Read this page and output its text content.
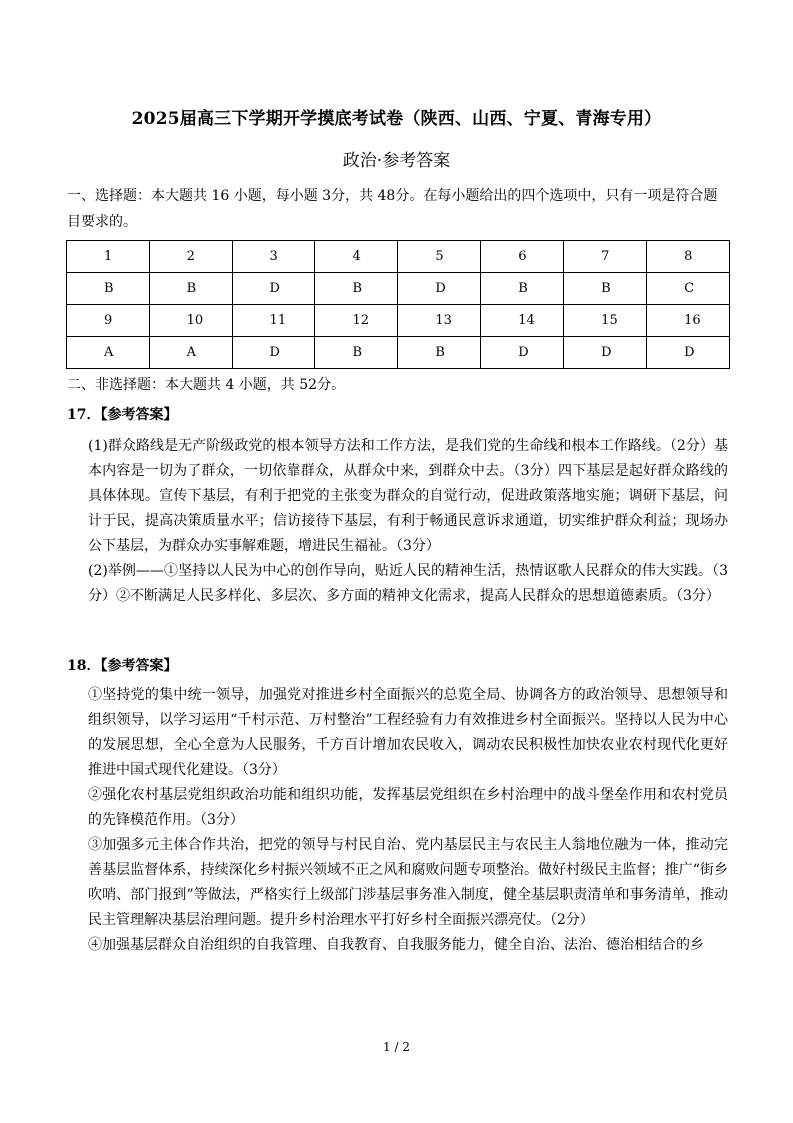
2025届高三下学期开学摸底考试卷（陕西、山西、宁夏、青海专用）
政治·参考答案
一、选择题：本大题共 16 小题，每小题 3分，共 48分。在每小题给出的四个选项中，只有一项是符合题目要求的。
1	2	3	4	5	6	7	8
B	B	D	B	D	B	B	C
9	10	11	12	13	14	15	16
A	A	D	B	B	D	D	D
二、非选择题：本大题共 4 小题，共 52分。
17．【参考答案】

(1)群众路线是无产阶级政党的根本领导方法和工作方法，是我们党的生命线和根本工作路线。（2分）基本内容是一切为了群众，一切依靠群众，从群众中来，到群众中去。（3分）四下基层是起好群众路线的具体体现。宣传下基层，有利于把党的主张变为群众的自觉行动，促进政策落地实施；调研下基层，问计于民，提高决策质量水平；信访接待下基层，有利于畅通民意诉求通道，切实维护群众利益；现场办公下基层，为群众办实事解难题，增进民生福祉。（3分）

(2)举例——①坚持以人民为中心的创作导向，贴近人民的精神生活，热情讴歌人民群众的伟大实践。（3分）②不断满足人民多样化、多层次、多方面的精神文化需求，提高人民群众的思想道德素质。（3分）

18．【参考答案】

①坚持党的集中统一领导，加强党对推进乡村全面振兴的总览全局、协调各方的政治领导、思想领导和组织领导，以学习运用“千村示范、万村整治”工程经验有力有效推进乡村全面振兴。坚持以人民为中心的发展思想，全心全意为人民服务，千方百计增加农民收入，调动农民积极性加快农业农村现代化更好推进中国式现代化建设。（3分）

②强化农村基层党组织政治功能和组织功能，发挥基层党组织在乡村治理中的战斗堡垒作用和农村党员的先锋模范作用。（3分）

③加强多元主体合作共治，把党的领导与村民自治、党内基层民主与农民主人翁地位融为一体，推动完善基层监督体系，持续深化乡村振兴领域不正之风和腐败问题专项整治。做好村级民主监督；推广“街乡吹哨、部门报到”等做法，严格实行上级部门涉基层事务准入制度，健全基层职责清单和事务清单，推动民主管理解决基层治理问题。提升乡村治理水平打好乡村全面振兴漂亮仗。（2分）

④加强基层群众自治组织的自我管理、自我教育、自我服务能力，健全自治、法治、德治相结合的乡

1 / 2
